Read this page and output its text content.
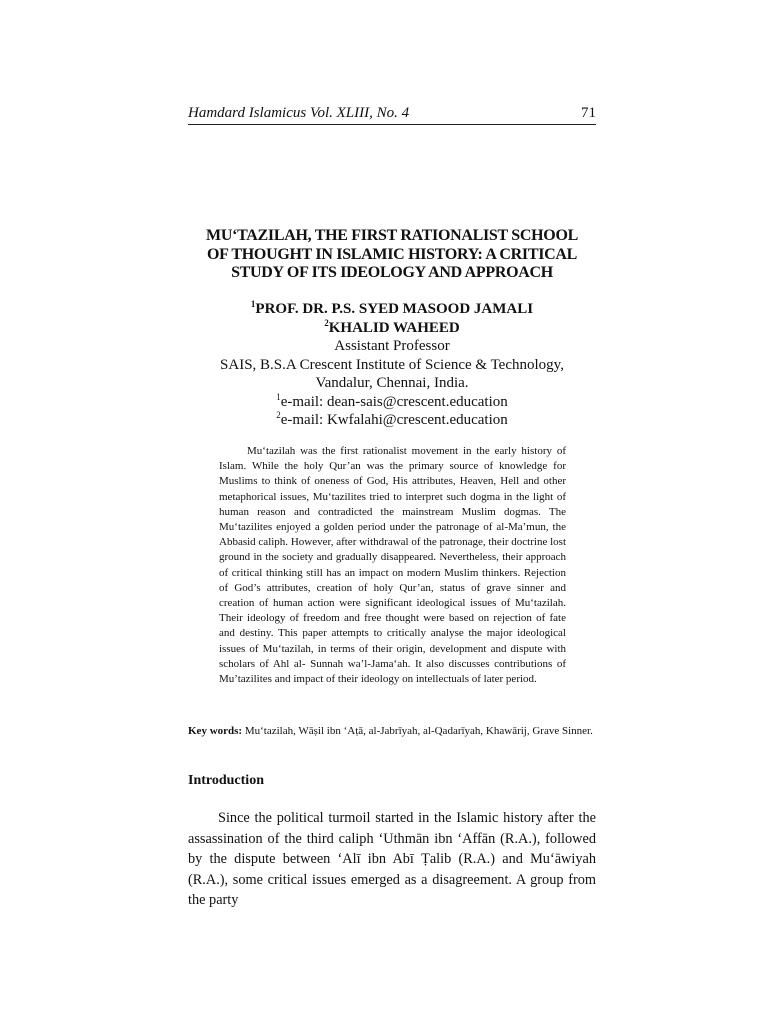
Hamdard Islamicus Vol. XLIII, No. 4	71
MU‘TAZILAH, THE FIRST RATIONALIST SCHOOL
OF THOUGHT IN ISLAMIC HISTORY: A CRITICAL
STUDY OF ITS IDEOLOGY AND APPROACH
$^1$PROF. DR. P.S. SYED MASOOD JAMALI
$^2$KHALID WAHEED
Assistant Professor
SAIS, B.S.A Crescent Institute of Science & Technology,
Vandalur, Chennai, India.
$^1$e-mail: dean-sais@crescent.education
$^2$e-mail: Kwfalahi@crescent.education

Mu‘tazilah was the first rationalist movement in the early history of Islam. While the holy Qur’an was the primary source of knowledge for Muslims to think of oneness of God, His attributes, Heaven, Hell and other metaphorical issues, Mu‘tazilites tried to interpret such dogma in the light of human reason and contradicted the mainstream Muslim dogmas. The Mu‘tazilites enjoyed a golden period under the patronage of al-Ma’mun, the Abbasid caliph. However, after withdrawal of the patronage, their doctrine lost ground in the society and gradually disappeared. Nevertheless, their approach of critical thinking still has an impact on modern Muslim thinkers. Rejection of God’s attributes, creation of holy Qur’an, status of grave sinner and creation of human action were significant ideological issues of Mu‘tazilah. Their ideology of freedom and free thought were based on rejection of fate and destiny. This paper attempts to critically analyse the major ideological issues of Mu‘tazilah, in terms of their origin, development and dispute with scholars of Ahl al- Sunnah wa’l-Jama‘ah. It also discusses contributions of Mu’tazilites and impact of their ideology on intellectuals of later period.

Key words: Mu‘tazilah, Wāṣil ibn ‘Aṭā, al-Jabrīyah, al-Qadarīyah, Khawārij, Grave Sinner.

Introduction

Since the political turmoil started in the Islamic history after the assassination of the third caliph ‘Uthmān ibn ‘Affān (R.A.), followed by the dispute between ‘Alī ibn Abī Ṭalib (R.A.) and Mu‘āwiyah (R.A.), some critical issues emerged as a disagreement. A group from the party
